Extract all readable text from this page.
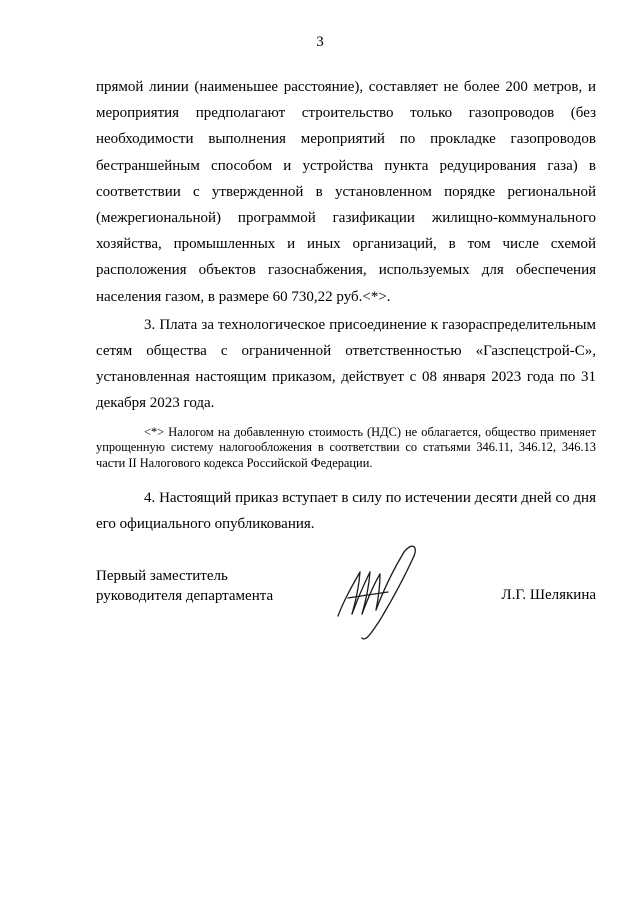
3

прямой линии (наименьшее расстояние), составляет не более 200 метров, и мероприятия предполагают строительство только газопроводов (без необходимости выполнения мероприятий по прокладке газопроводов бестраншейным способом и устройства пункта редуцирования газа) в соответствии с утвержденной в установленном порядке региональной (межрегиональной) программой газификации жилищно-коммунального хозяйства, промышленных и иных организаций, в том числе схемой расположения объектов газоснабжения, используемых для обеспечения населения газом, в размере 60 730,22 руб.<*>.

3. Плата за технологическое присоединение к газораспределительным сетям общества с ограниченной ответственностью «Газспецстрой-С», установленная настоящим приказом, действует с 08 января 2023 года по 31 декабря 2023 года.

<*> Налогом на добавленную стоимость (НДС) не облагается, общество применяет упрощенную систему налогообложения в соответствии со статьями 346.11, 346.12, 346.13 части II Налогового кодекса Российской Федерации.

4. Настоящий приказ вступает в силу по истечении десяти дней со дня его официального опубликования.

Первый заместитель
руководителя департамента	Л.Г. Шелякина
